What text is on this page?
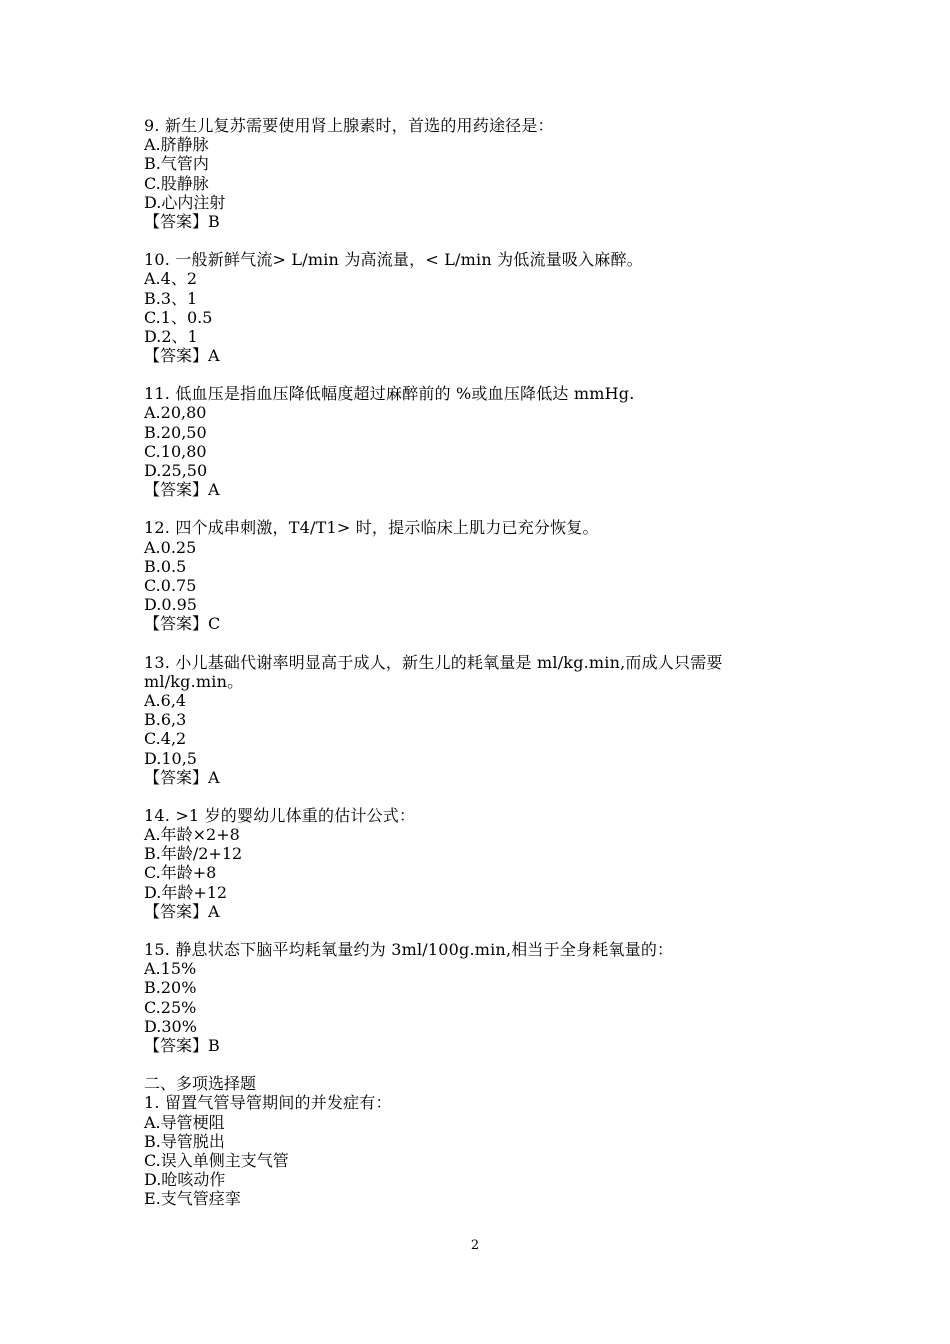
9. 新生儿复苏需要使用肾上腺素时，首选的用药途径是：
A.脐静脉
B.气管内
C.股静脉
D.心内注射
【答案】B
10. 一般新鲜气流> L/min 为高流量，< L/min 为低流量吸入麻醉。
A.4、2
B.3、1
C.1、0.5
D.2、1
【答案】A
11. 低血压是指血压降低幅度超过麻醉前的 %或血压降低达 mmHg.
A.20,80
B.20,50
C.10,80
D.25,50
【答案】A
12. 四个成串刺激，T4/T1> 时，提示临床上肌力已充分恢复。
A.0.25
B.0.5
C.0.75
D.0.95
【答案】C
13. 小儿基础代谢率明显高于成人，新生儿的耗氧量是 ml/kg.min,而成人只需要 ml/kg.min。
A.6,4
B.6,3
C.4,2
D.10,5
【答案】A
14. >1 岁的婴幼儿体重的估计公式：
A.年龄×2+8
B.年龄/2+12
C.年龄+8
D.年龄+12
【答案】A
15. 静息状态下脑平均耗氧量约为 3ml/100g.min,相当于全身耗氧量的：
A.15%
B.20%
C.25%
D.30%
【答案】B
二、多项选择题
1. 留置气管导管期间的并发症有：
A.导管梗阻
B.导管脱出
C.误入单侧主支气管
D.呛咳动作
E.支气管痉挛
2
